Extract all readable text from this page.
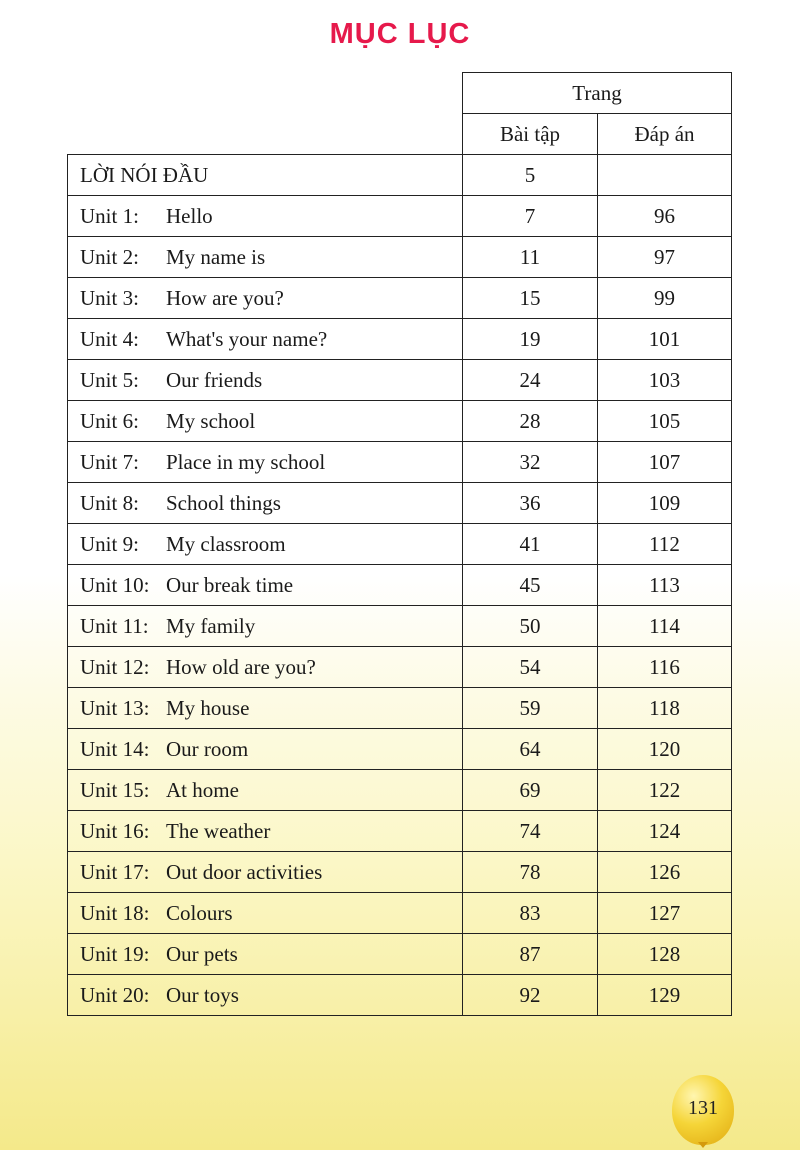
MỤC LỤC
	Trang	
	Bài tập	Đáp án
LỜI NÓI ĐẦU	5	
Unit 1: Hello	7	96
Unit 2: My name is	11	97
Unit 3: How are you?	15	99
Unit 4: What's your name?	19	101
Unit 5: Our friends	24	103
Unit 6: My school	28	105
Unit 7: Place in my school	32	107
Unit 8: School things	36	109
Unit 9: My classroom	41	112
Unit 10: Our break time	45	113
Unit 11: My family	50	114
Unit 12: How old are you?	54	116
Unit 13: My house	59	118
Unit 14: Our room	64	120
Unit 15: At home	69	122
Unit 16: The weather	74	124
Unit 17: Out door activities	78	126
Unit 18: Colours	83	127
Unit 19: Our pets	87	128
Unit 20: Our toys	92	129
131
